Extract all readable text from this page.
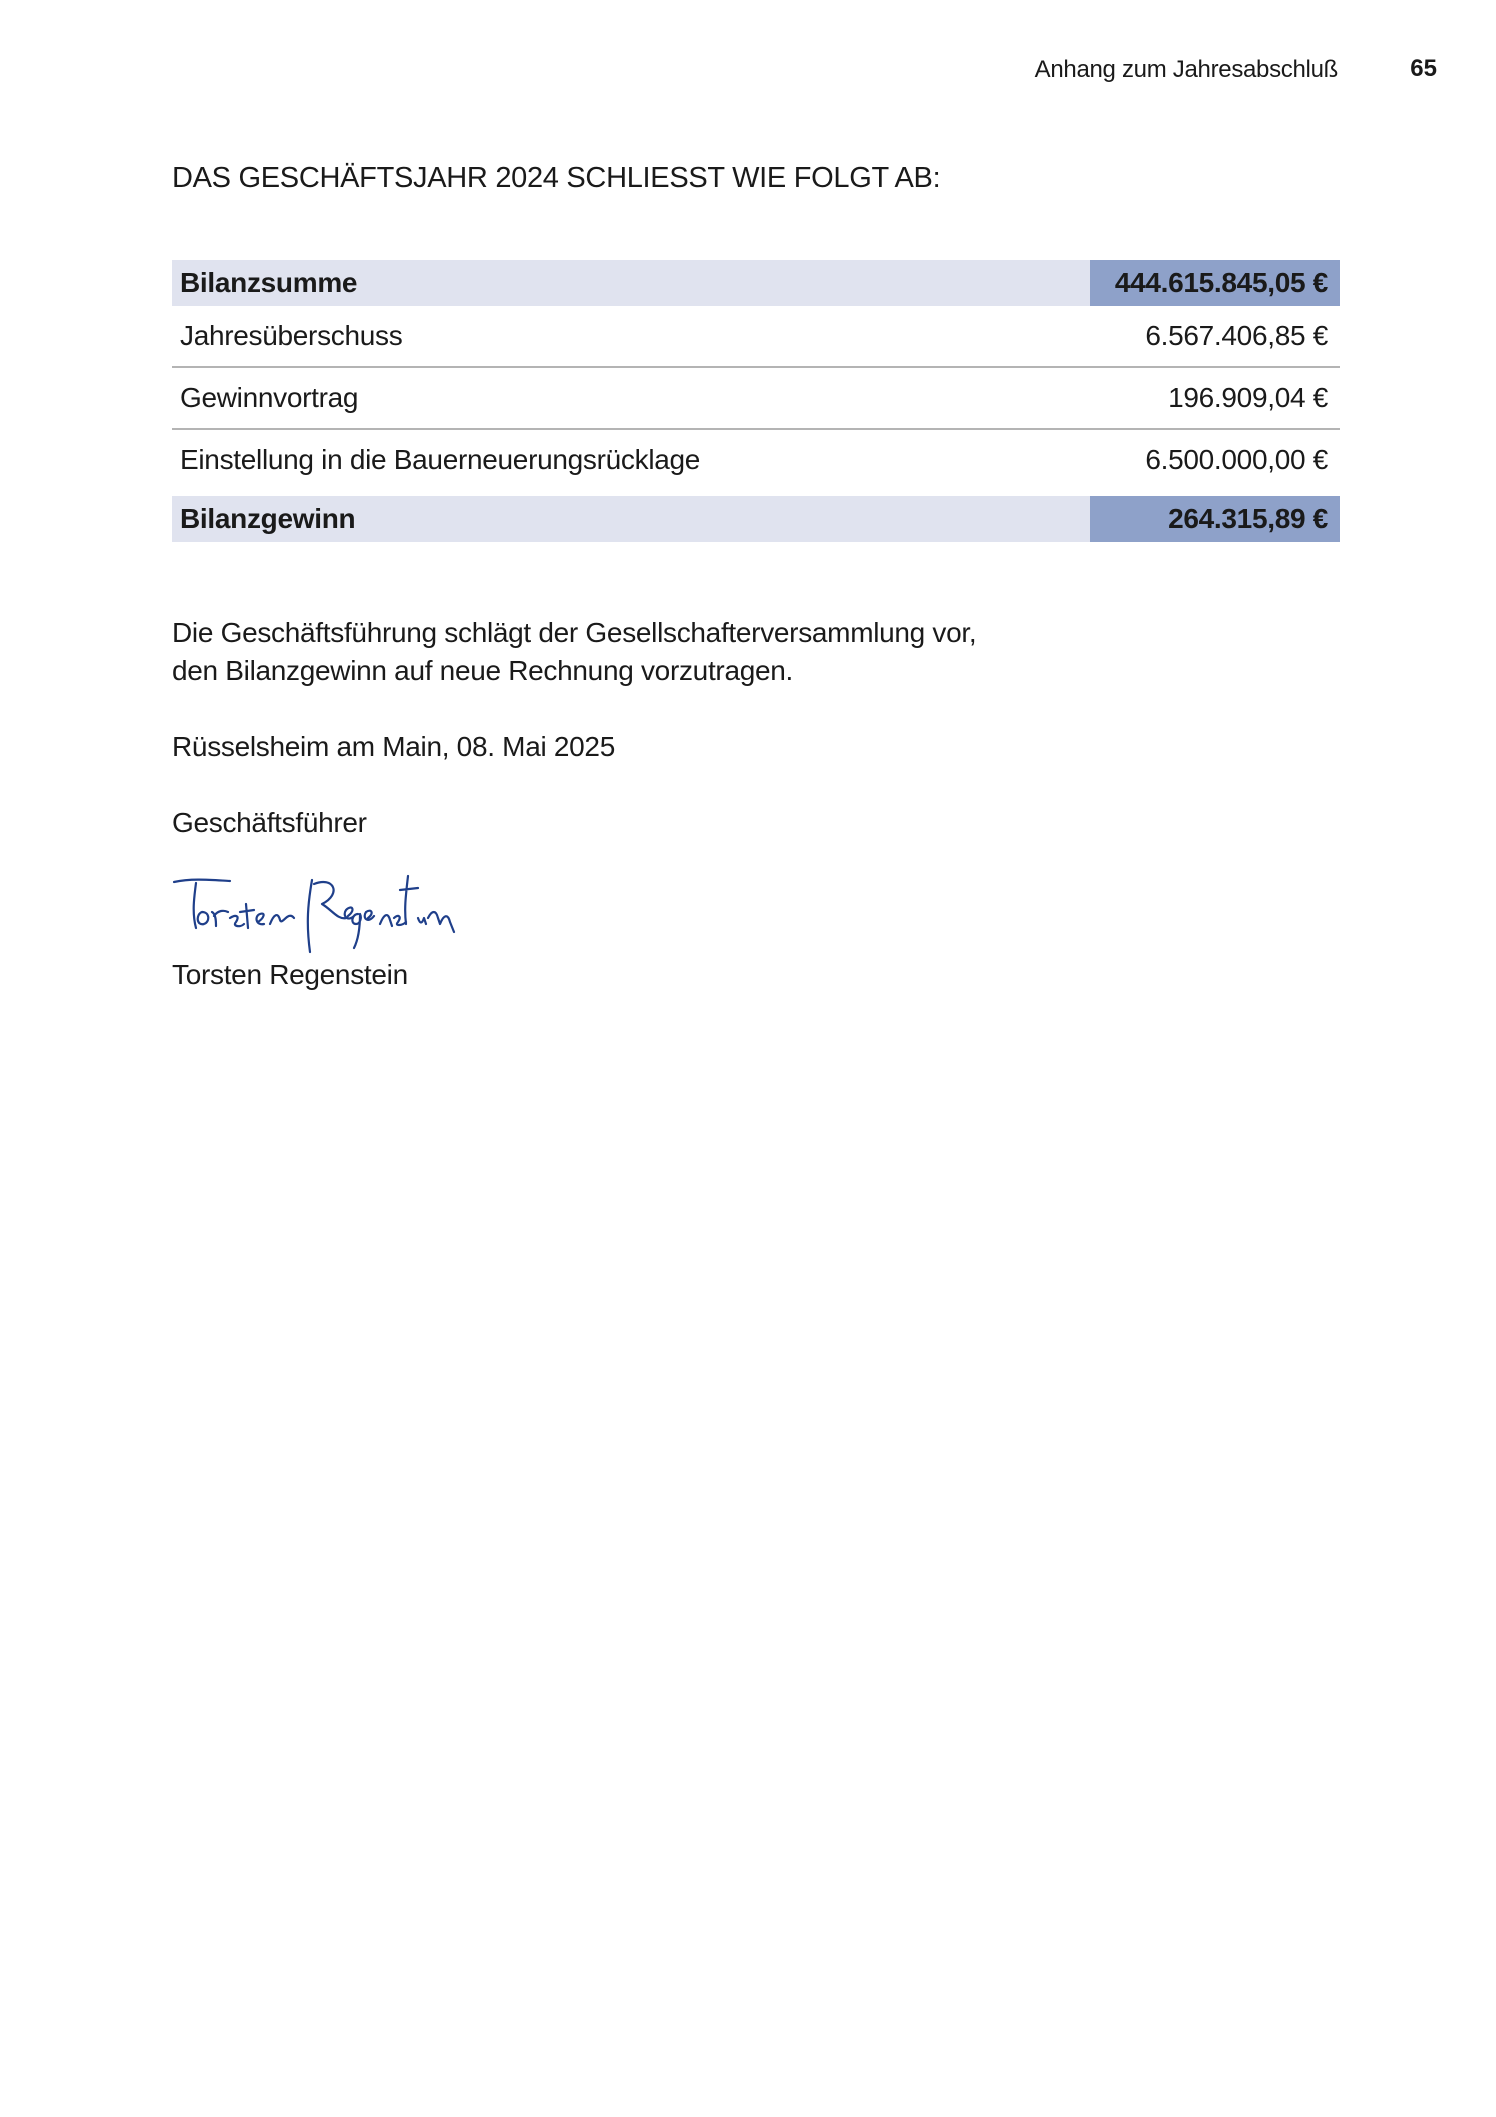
Anhang zum Jahresabschluß	65
DAS GESCHÄFTSJAHR 2024 SCHLIESST WIE FOLGT AB:
Bilanzsumme	444.615.845,05 €
Jahresüberschuss	6.567.406,85 €
Gewinnvortrag	196.909,04 €
Einstellung in die Bauerneuerungsrücklage	6.500.000,00 €
Bilanzgewinn	264.315,89 €
Die Geschäftsführung schlägt der Gesellschafterversammlung vor,
den Bilanzgewinn auf neue Rechnung vorzutragen.
Rüsselsheim am Main, 08. Mai 2025
Geschäftsführer
Torsten Regenstein
Torsten Regenstein
